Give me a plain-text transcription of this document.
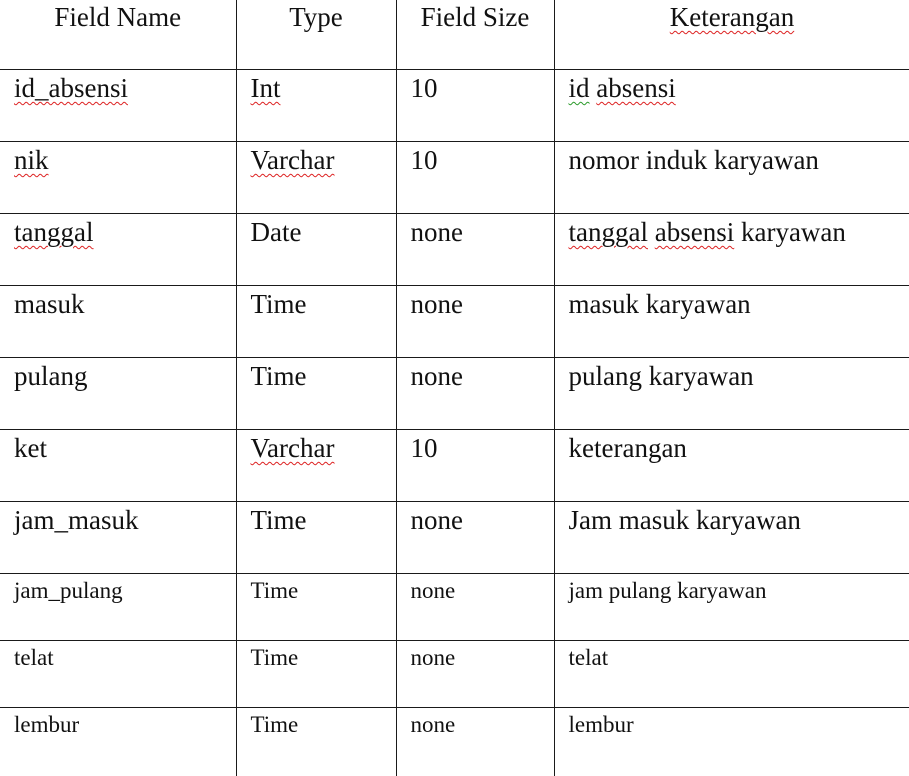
Field Name	Type	Field Size	Keterangan
id_absensi	Int	10	id absensi
nik	Varchar	10	nomor induk karyawan
tanggal	Date	none	tanggal absensi karyawan
masuk	Time	none	masuk karyawan
pulang	Time	none	pulang karyawan
ket	Varchar	10	keterangan
jam_masuk	Time	none	Jam masuk karyawan
jam_pulang	Time	none	jam pulang karyawan
telat	Time	none	telat
lembur	Time	none	lembur
